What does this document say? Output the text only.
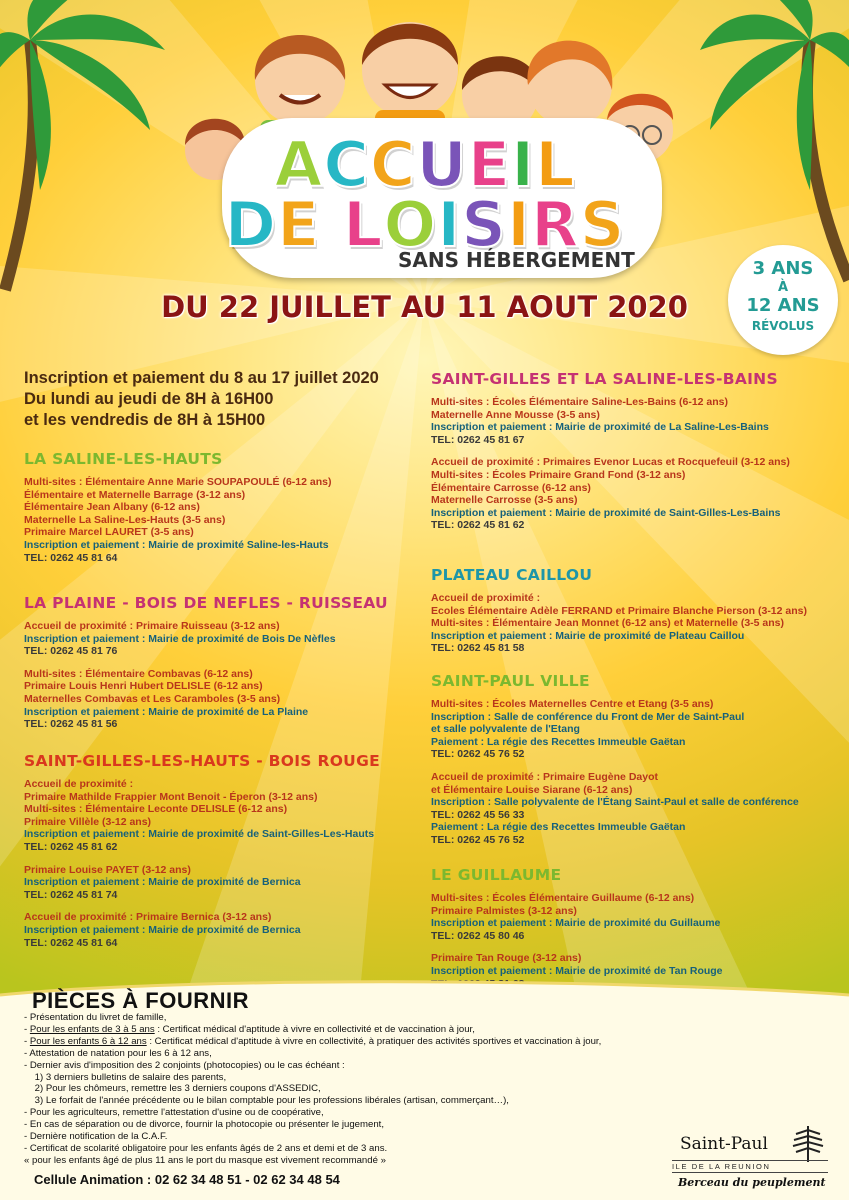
ACCUEIL
DE LOISIRS
SANS HÉBERGEMENT
DU 22 JUILLET AU 11 AOUT 2020
3 ANS
À
12 ANS
RÉVOLUS
Inscription et paiement du 8 au 17 juillet 2020
Du lundi au jeudi de 8H à 16H00
et les vendredis de 8H à 15H00
LA SALINE-LES-HAUTS
Multi-sites : Élémentaire Anne Marie SOUPAPOULÉ (6-12 ans)
Élémentaire et Maternelle Barrage (3-12 ans)
Élémentaire Jean Albany (6-12 ans)
Maternelle La Saline-Les-Hauts (3-5 ans)
Primaire Marcel LAURET (3-5 ans)
Inscription et paiement : Mairie de proximité Saline-les-Hauts
TEL: 0262 45 81 64
LA PLAINE - BOIS DE NEFLES - RUISSEAU
Accueil de proximité : Primaire Ruisseau (3-12 ans)
Inscription et paiement : Mairie de proximité de Bois De Nèfles
TEL: 0262 45 81 76
Multi-sites : Élémentaire Combavas (6-12 ans)
Primaire Louis Henri Hubert DELISLE (6-12 ans)
Maternelles Combavas et Les Caramboles (3-5 ans)
Inscription et paiement : Mairie de proximité de La Plaine
TEL: 0262 45 81 56
SAINT-GILLES-LES-HAUTS - BOIS ROUGE
Accueil de proximité :
Primaire Mathilde Frappier Mont Benoit - Éperon (3-12 ans)
Multi-sites : Élémentaire Leconte DELISLE (6-12 ans)
Primaire Villèle (3-12 ans)
Inscription et paiement : Mairie de proximité de Saint-Gilles-Les-Hauts
TEL: 0262 45 81 62
Primaire Louise PAYET (3-12 ans)
Inscription et paiement : Mairie de proximité de Bernica
TEL: 0262 45 81 74
Accueil de proximité : Primaire Bernica (3-12 ans)
Inscription et paiement : Mairie de proximité de Bernica
TEL: 0262 45 81 64
SAINT-GILLES ET LA SALINE-LES-BAINS
Multi-sites : Écoles Élémentaire Saline-Les-Bains (6-12 ans)
Maternelle Anne Mousse (3-5 ans)
Inscription et paiement : Mairie de proximité de La Saline-Les-Bains
TEL: 0262 45 81 67
Accueil de proximité : Primaires Evenor Lucas et Rocquefeuil (3-12 ans)
Multi-sites : Écoles Primaire Grand Fond (3-12 ans)
Élémentaire Carrosse (6-12 ans)
Maternelle Carrosse (3-5 ans)
Inscription et paiement : Mairie de proximité de Saint-Gilles-Les-Bains
TEL: 0262 45 81 62
PLATEAU CAILLOU
Accueil de proximité :
Ecoles Élémentaire Adèle FERRAND et Primaire Blanche Pierson (3-12 ans)
Multi-sites : Élémentaire Jean Monnet (6-12 ans) et Maternelle (3-5 ans)
Inscription et paiement : Mairie de proximité de Plateau Caillou
TEL: 0262 45 81 58
SAINT-PAUL VILLE
Multi-sites : Écoles Maternelles Centre et Etang (3-5 ans)
Inscription : Salle de conférence du Front de Mer de Saint-Paul
et salle polyvalente de l'Etang
Paiement : La régie des Recettes Immeuble Gaëtan
TEL: 0262 45 76 52
Accueil de proximité : Primaire Eugène Dayot
et Élémentaire Louise Siarane (6-12 ans)
Inscription : Salle polyvalente de l'Étang Saint-Paul et salle de conférence
TEL: 0262 45 56 33
Paiement : La régie des Recettes Immeuble Gaëtan
TEL: 0262 45 76 52
LE GUILLAUME
Multi-sites : Écoles Élémentaire Guillaume (6-12 ans)
Primaire Palmistes (3-12 ans)
Inscription et paiement : Mairie de proximité du Guillaume
TEL: 0262 45 80 46
Primaire Tan Rouge (3-12 ans)
Inscription et paiement : Mairie de proximité de Tan Rouge
PIÈCES À FOURNIR
- Présentation du livret de famille,
- Pour les enfants de 3 à 5 ans : Certificat médical d'aptitude à vivre en collectivité et de vaccination à jour,
- Pour les enfants 6 à 12 ans : Certificat médical d'aptitude à vivre en collectivité, à pratiquer des activités sportives et vaccination à jour,
- Attestation de natation pour les 6 à 12 ans,
- Dernier avis d'imposition des 2 conjoints (photocopies) ou le cas échéant :
1) 3 derniers bulletins de salaire des parents,
2) Pour les chômeurs, remettre les 3 derniers coupons d'ASSEDIC,
3) Le forfait de l'année précédente ou le bilan comptable pour les professions libérales (artisan, commerçant…),
- Pour les agriculteurs, remettre l'attestation d'usine ou de coopérative,
- En cas de séparation ou de divorce, fournir la photocopie ou présenter le jugement,
- Dernière notification de la C.A.F.
- Certificat de scolarité obligatoire pour les enfants âgés de 2 ans et demi et de 3 ans.
« pour les enfants âgé de plus 11 ans le port du masque est vivement recommandé »
Cellule Animation : 02 62 34 48 51 - 02 62 34 48 54
Saint-Paul
ILE DE LA REUNION
Berceau du peuplement
